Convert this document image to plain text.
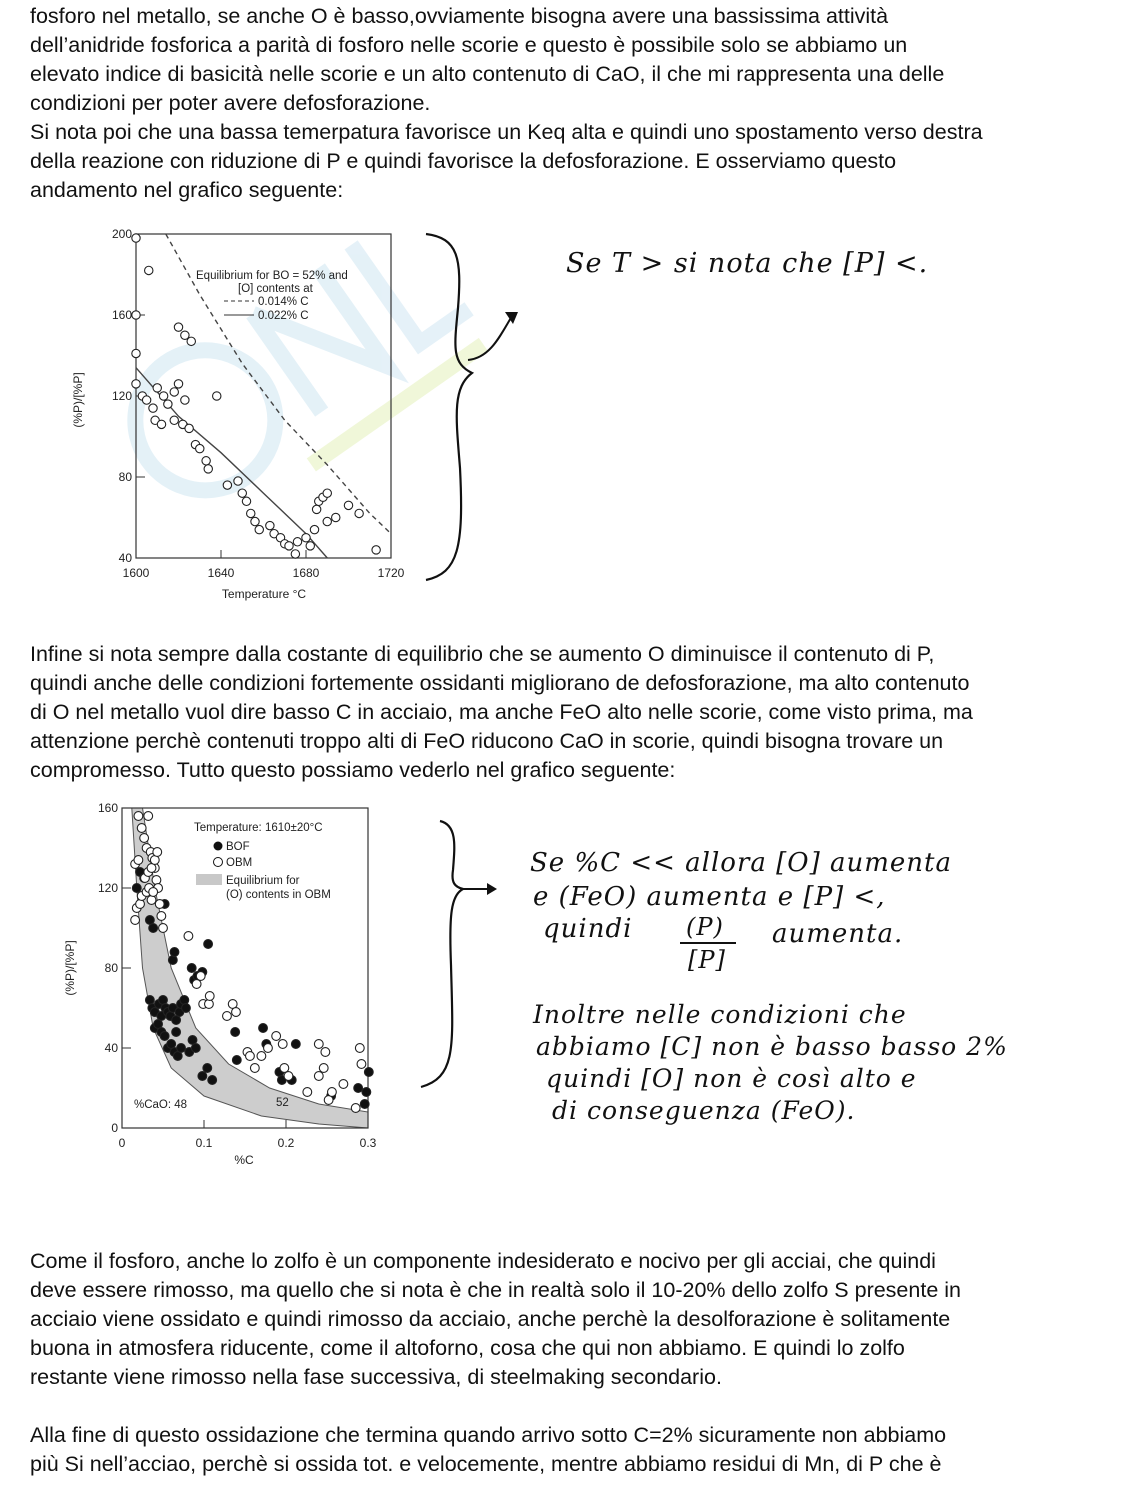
fosforo nel metallo, se anche O è basso,ovviamente bisogna avere una bassissima attività
dell’anidride fosforica a parità di fosforo nelle scorie e questo è possibile solo se abbiamo un
elevato indice di basicità nelle scorie e un alto contenuto di CaO, il che mi rappresenta una delle
condizioni per poter avere defosforazione.
Si nota poi che una bassa temerpatura favorisce un Keq alta e quindi uno spostamento verso destra
della reazione con riduzione di P e quindi favorisce la defosforazione. E osserviamo questo
andamento nel grafico seguente:
200
160
120
80
40
1600	1640	1680	1720
Temperature °C
(%P)/[%P]
Equilibrium for BO = 52% and
[O] contents at
0.014% C
0.022% C
Se T > si nota che [P] <.
Infine si nota sempre dalla costante di equilibrio che se aumento O diminuisce il contenuto di P,
quindi anche delle condizioni fortemente ossidanti migliorano de defosforazione, ma alto contenuto
di O nel metallo vuol dire basso C in acciaio, ma anche FeO alto nelle scorie, come visto prima, ma
attenzione perchè contenuti troppo alti di FeO riducono CaO in scorie, quindi bisogna trovare un
compromesso. Tutto questo possiamo vederlo nel grafico seguente:
160
120
80
40
0
0	0.1	0.2	0.3
%C
(%P)/[%P]
Temperature: 1610±20°C
BOF
OBM
Equilibrium for
(O) contents in OBM
%CaO: 48	52
Se %C << allora [O] aumenta
e (FeO) aumenta e [P] <,
quindi (P)
[P]
aumenta.
Inoltre nelle condizioni che
abbiamo [C] non è basso basso 2%
quindi [O] non è così alto e
di conseguenza (FeO).
Come il fosforo, anche lo zolfo è un componente indesiderato e nocivo per gli acciai, che quindi
deve essere rimosso, ma quello che si nota è che in realtà solo il 10-20% dello zolfo S presente in
acciaio viene ossidato e quindi rimosso da acciaio, anche perchè la desolforazione è solitamente
buona in atmosfera riducente, come il altoforno, cosa che qui non abbiamo. E quindi lo zolfo
restante viene rimosso nella fase successiva, di steelmaking secondario.
Alla fine di questo ossidazione che termina quando arrivo sotto C=2% sicuramente non abbiamo
più Si nell’acciao, perchè si ossida tot. e velocemente, mentre abbiamo residui di Mn, di P che è
